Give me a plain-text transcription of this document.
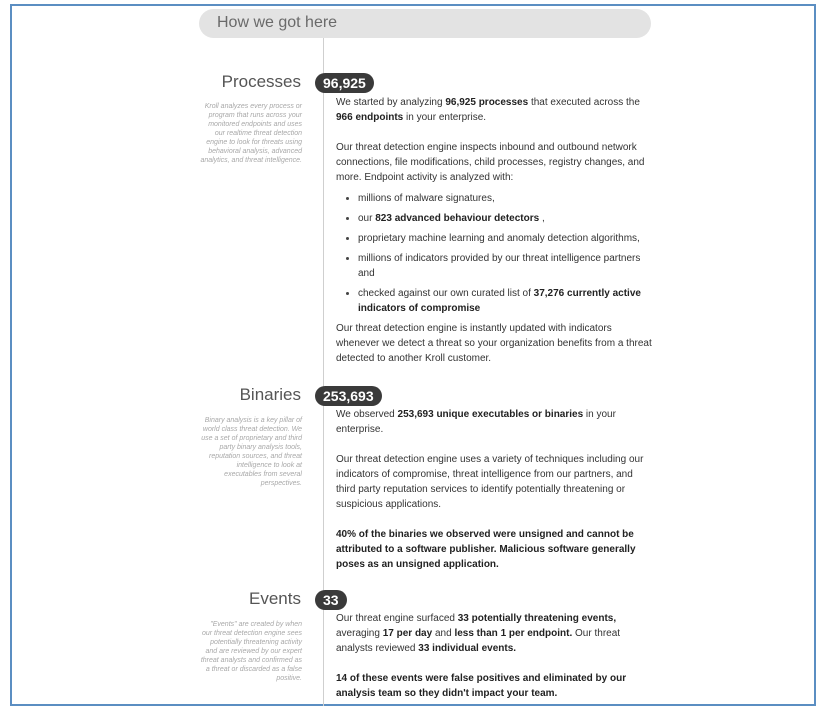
How we got here
Processes	96,925
Kroll analyzes every process or program that runs across your monitored endpoints and uses our realtime threat detection engine to look for threats using behavioral analysis, advanced analytics, and threat intelligence.

We started by analyzing 96,925 processes that executed across the 966 endpoints in your enterprise.

Our threat detection engine inspects inbound and outbound network connections, file modifications, child processes, registry changes, and more. Endpoint activity is analyzed with:

millions of malware signatures,
our 823 advanced behaviour detectors ,
proprietary machine learning and anomaly detection algorithms,
millions of indicators provided by our threat intelligence partners and
checked against our own curated list of 37,276 currently active indicators of compromise

Our threat detection engine is instantly updated with indicators whenever we detect a threat so your organization benefits from a threat detected to another Kroll customer.

Binaries	253,693
Binary analysis is a key pillar of world class threat detection. We use a set of proprietary and third party binary analysis tools, reputation sources, and threat intelligence to look at executables from several perspectives.

We observed 253,693 unique executables or binaries in your enterprise.

Our threat detection engine uses a variety of techniques including our indicators of compromise, threat intelligence from our partners, and third party reputation services to identify potentially threatening or suspicious applications.

40% of the binaries we observed were unsigned and cannot be attributed to a software publisher. Malicious software generally poses as an unsigned application.

Events	33
"Events" are created by when our threat detection engine sees potentially threatening activity and are reviewed by our expert threat analysts and confirmed as a threat or discarded as a false positive.

Our threat engine surfaced 33 potentially threatening events, averaging 17 per day and less than 1 per endpoint. Our threat analysts reviewed 33 individual events.

14 of these events were false positives and eliminated by our analysis team so they didn't impact your team.
